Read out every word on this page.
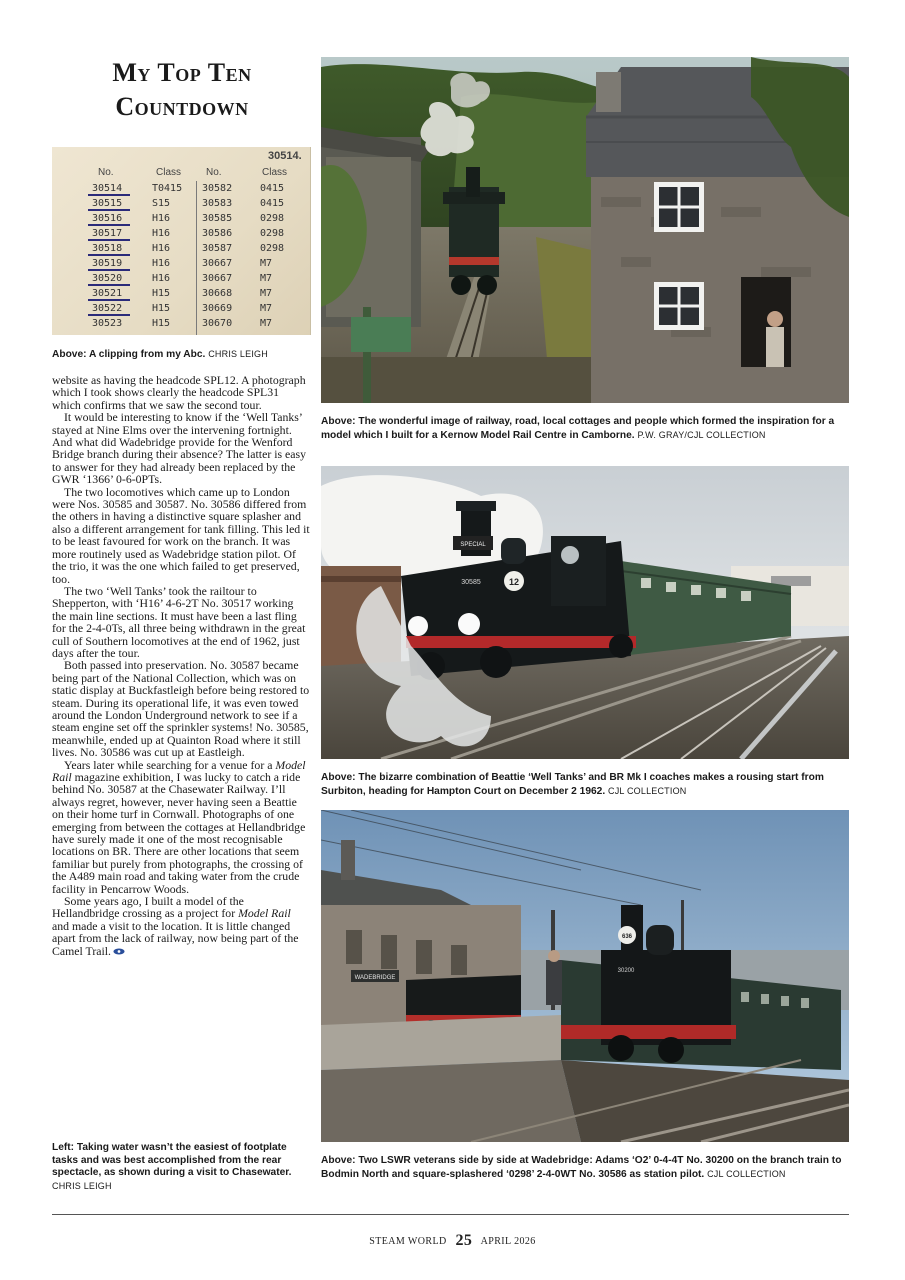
My Top Ten
Countdown
30514.
No.	Class No.	Class
30514	T0415 30582	0415
30515	S15	30583	0415
30516	H16	30585	0298
30517	H16	30586	0298
30518	H16	30587	0298
30519	H16	30667	M7
30520	H16	30667	M7
30521	H15	30668	M7
30522	H15	30669	M7
30523	H15	30670	M7
Above: A clipping from my Abc. CHRIS LEIGH

website as having the headcode SPL12. A photograph which I took shows clearly the headcode SPL31 which confirms that we saw the second tour.

It would be interesting to know if the ‘Well Tanks’ stayed at Nine Elms over the intervening fortnight. And what did Wadebridge provide for the Wenford Bridge branch during their absence? The latter is easy to answer for they had already been replaced by the GWR ‘1366’ 0-6-0PTs.

The two locomotives which came up to London were Nos. 30585 and 30587. No. 30586 differed from the others in having a distinctive square splasher and also a different arrangement for tank filling. This led it to be least favoured for work on the branch. It was more routinely used as Wadebridge station pilot. Of the trio, it was the one which failed to get preserved, too.

The two ‘Well Tanks’ took the railtour to Shepperton, with ‘H16’ 4-6-2T No. 30517 working the main line sections. It must have been a last fling for the 2-4-0Ts, all three being withdrawn in the great cull of Southern locomotives at the end of 1962, just days after the tour.

Both passed into preservation. No. 30587 became being part of the National Collection, which was on static display at Buckfastleigh before being restored to steam. During its operational life, it was even towed around the London Underground network to see if a steam engine set off the sprinkler systems! No. 30585, meanwhile, ended up at Quainton Road where it still lives. No. 30586 was cut up at Eastleigh.

Years later while searching for a venue for a Model Rail magazine exhibition, I was lucky to catch a ride behind No. 30587 at the Chasewater Railway. I’ll always regret, however, never having seen a Beattie on their home turf in Cornwall. Photographs of one emerging from between the cottages at Hellandbridge have surely made it one of the most recognisable locations on BR. There are other locations that seem familiar but purely from photographs, the crossing of the A489 main road and taking water from the crude facility in Pencarrow Woods.

Some years ago, I built a model of the Hellandbridge crossing as a project for Model Rail and made a visit to the location. It is little changed apart from the lack of railway, now being part of the Camel Trail.

Left: Taking water wasn’t the easiest of footplate tasks and was best accomplished from the rear spectacle, as shown during a visit to Chasewater. CHRIS LEIGH
Above: The wonderful image of railway, road, local cottages and people which formed the inspiration for a model which I built for a Kernow Model Rail Centre in Camborne. P.W. GRAY/CJL COLLECTION
SPECIAL
30585	12
Above: The bizarre combination of Beattie ‘Well Tanks’ and BR Mk I coaches makes a rousing start from Surbiton, heading for Hampton Court on December 2 1962. CJL COLLECTION
WADEBRIDGE
636
30200
Above: Two LSWR veterans side by side at Wadebridge: Adams ‘O2’ 0-4-4T No. 30200 on the branch train to Bodmin North and square-splashered ‘0298’ 2-4-0WT No. 30586 as station pilot. CJL COLLECTION
STEAM WORLD 25 APRIL 2026
